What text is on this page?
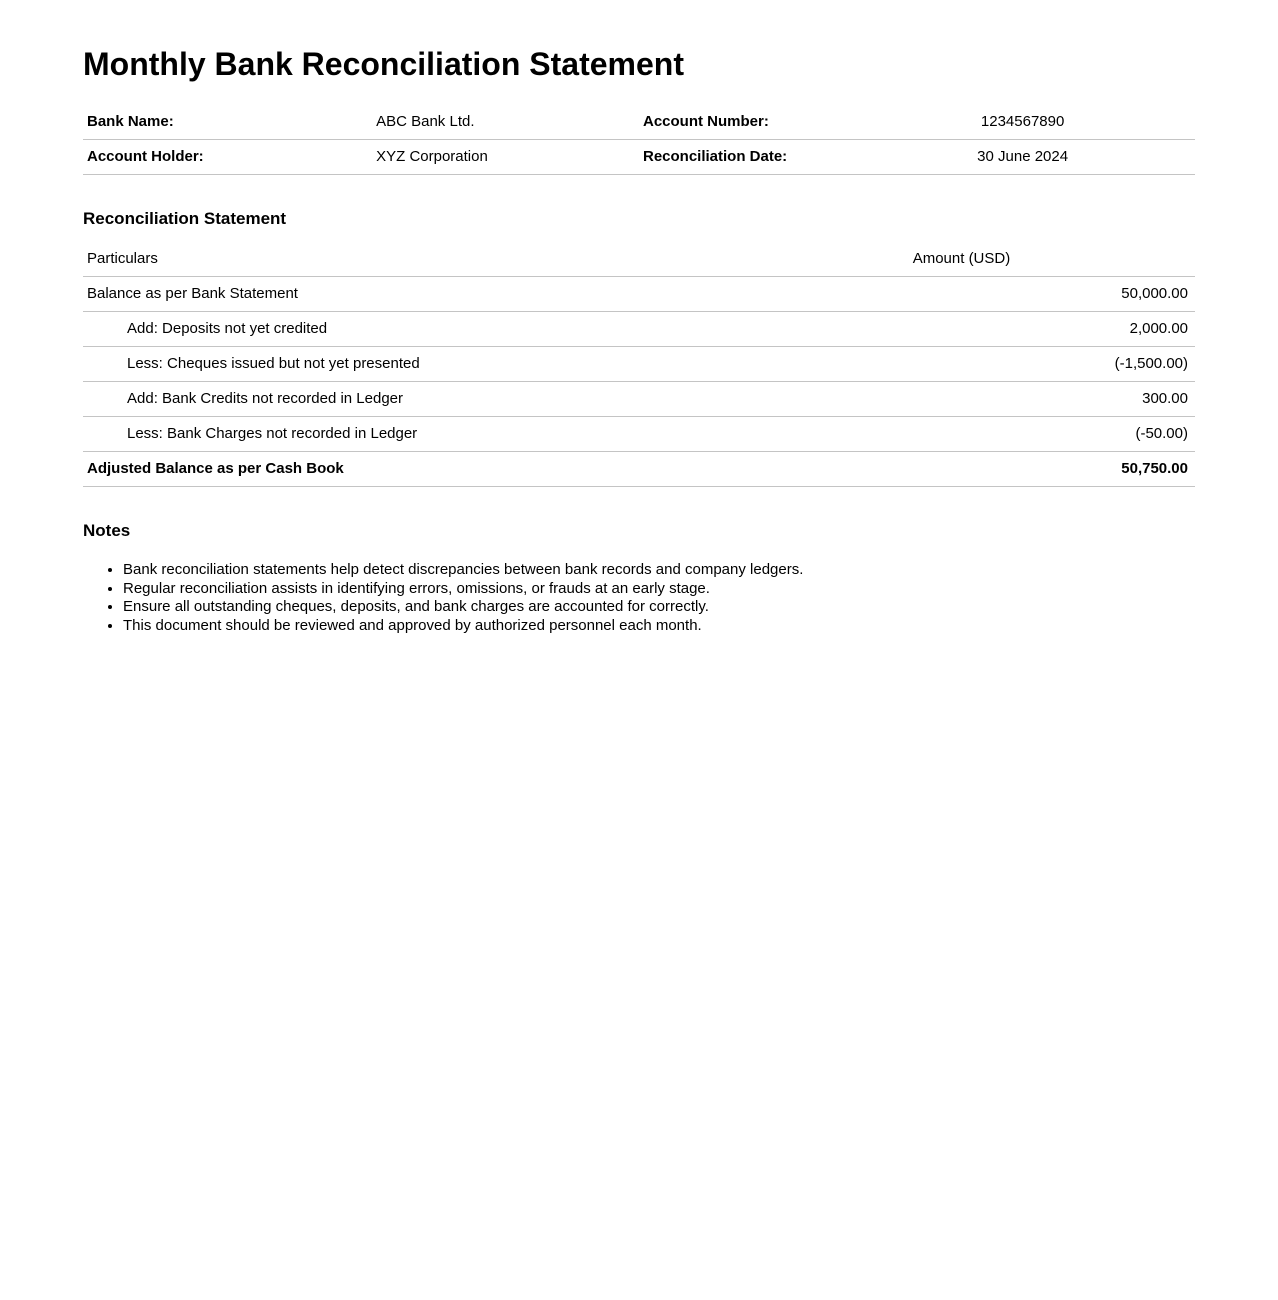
Monthly Bank Reconciliation Statement
Bank Name:	ABC Bank Ltd.	Account Number:	1234567890
Account Holder:	XYZ Corporation	Reconciliation Date:	30 June 2024
Reconciliation Statement
Particulars	Amount (USD)
Balance as per Bank Statement	50,000.00
Add: Deposits not yet credited	2,000.00
Less: Cheques issued but not yet presented	(-1,500.00)
Add: Bank Credits not recorded in Ledger	300.00
Less: Bank Charges not recorded in Ledger	(-50.00)
Adjusted Balance as per Cash Book	50,750.00
Notes
• Bank reconciliation statements help detect discrepancies between bank records and company ledgers.
• Regular reconciliation assists in identifying errors, omissions, or frauds at an early stage.
• Ensure all outstanding cheques, deposits, and bank charges are accounted for correctly.
• This document should be reviewed and approved by authorized personnel each month.
